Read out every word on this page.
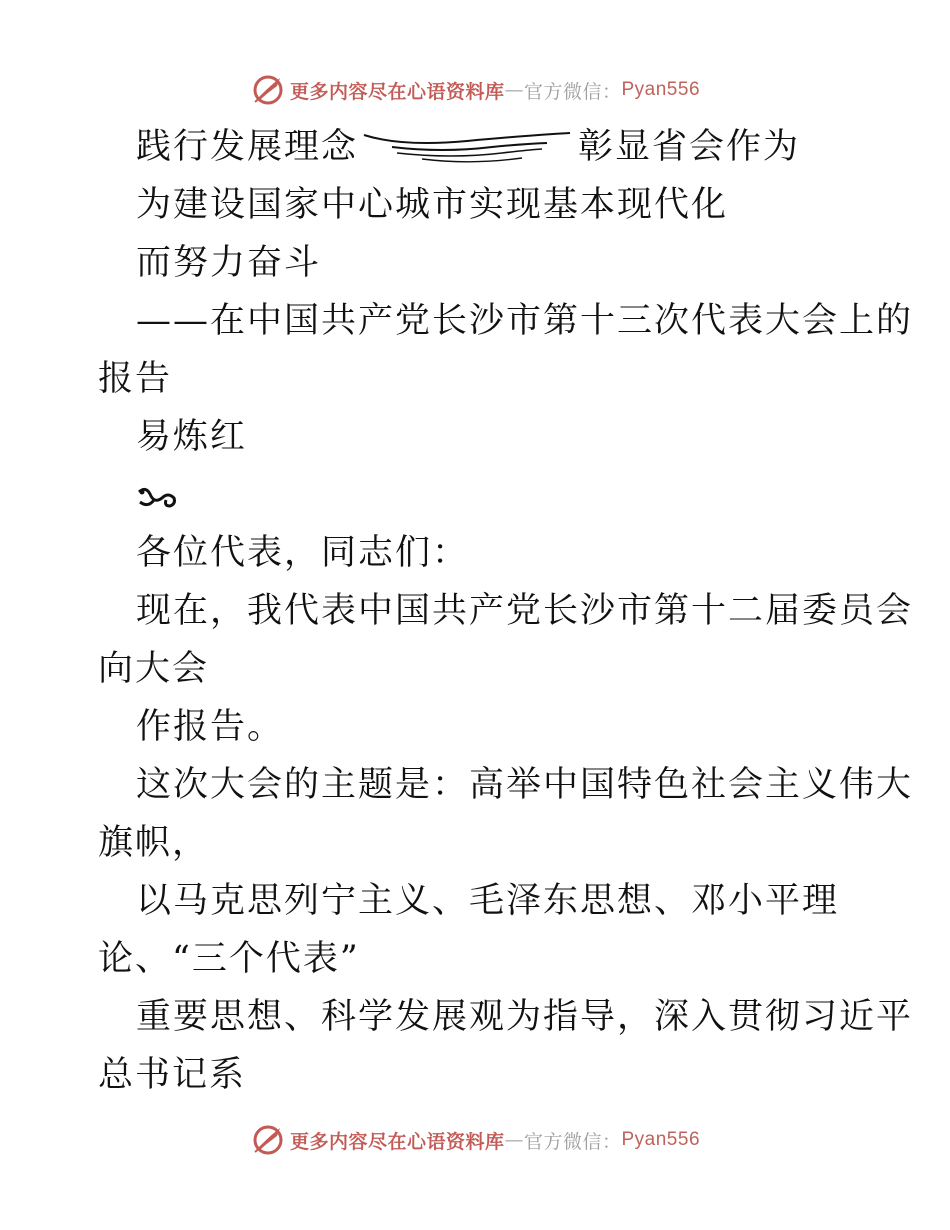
更多内容尽在心语资料库 — 官方微信： Pyan556
践行发展理念	彰显省会作为
为建设国家中心城市实现基本现代化
而努力奋斗
——在中国共产党长沙市第十三次代表大会上的
报告
易炼红
各位代表，同志们：
现在，我代表中国共产党长沙市第十二届委员会
向大会
作报告。
这次大会的主题是：高举中国特色社会主义伟大
旗帜，
以马克思列宁主义、毛泽东思想、邓小平理
论、“三个代表”
重要思想、科学发展观为指导，深入贯彻习近平
总书记系
更多内容尽在心语资料库 — 官方微信： Pyan556
